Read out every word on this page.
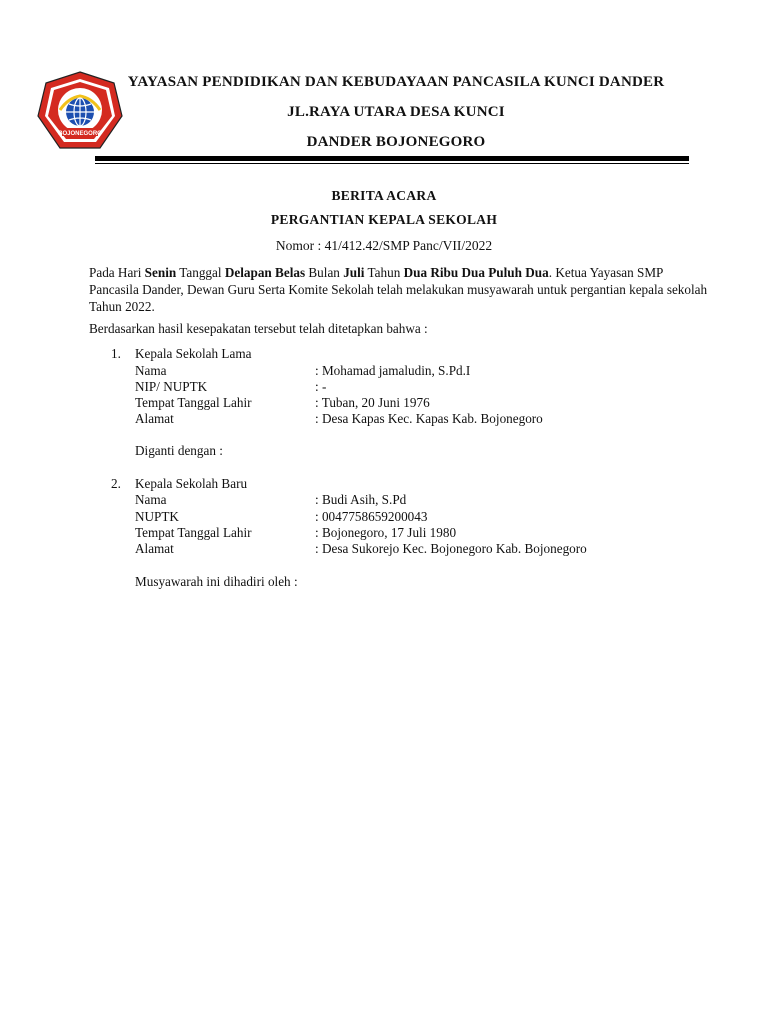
BOJONEGORO
YAYASAN PENDIDIKAN DAN KEBUDAYAAN PANCASILA KUNCI DANDER
JL.RAYA UTARA DESA KUNCI
DANDER BOJONEGORO
BERITA ACARA
PERGANTIAN KEPALA SEKOLAH
Nomor : 41/412.42/SMP Panc/VII/2022
Pada Hari Senin Tanggal Delapan Belas Bulan Juli Tahun Dua Ribu Dua Puluh Dua. Ketua Yayasan SMP Pancasila Dander, Dewan Guru Serta Komite Sekolah telah melakukan musyawarah untuk pergantian kepala sekolah Tahun 2022.
Berdasarkan hasil kesepakatan tersebut telah ditetapkan bahwa :
1. Kepala Sekolah Lama
Nama	: Mohamad jamaludin, S.Pd.I
NIP/ NUPTK	: -
Tempat Tanggal Lahir	: Tuban, 20 Juni 1976
Alamat	: Desa Kapas Kec. Kapas Kab. Bojonegoro
Diganti dengan :
2. Kepala Sekolah Baru
Nama	: Budi Asih, S.Pd
NUPTK	: 0047758659200043
Tempat Tanggal Lahir	: Bojonegoro, 17 Juli 1980
Alamat	: Desa Sukorejo Kec. Bojonegoro Kab. Bojonegoro
Musyawarah ini dihadiri oleh :
